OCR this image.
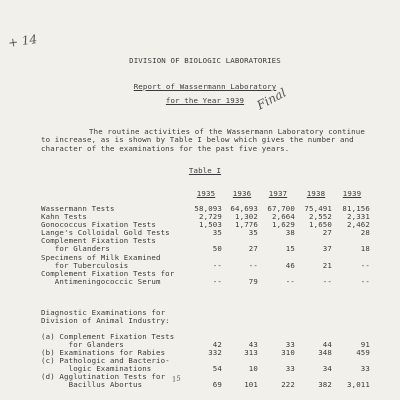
+ 14
DIVISION OF BIOLOGIC LABORATORIES
Report of Wassermann Laboratory
for the Year 1939 Final
The routine activities of the Wassermann Laboratory continue
to increase, as is shown by Table I below which gives the number and
character of the examinations for the past five years.
Table I
1935	1936	1937	1938	1939
Wassermann Tests	58,093	64,693	67,700	75,491	81,156
Kahn Tests	2,729	1,302	2,664	2,552	2,331
Gonococcus Fixation Tests	1,503	1,776	1,629	1,650	2,462
Lange's Colloidal Gold Tests	35	35	38	27	28
Complement Fixation Tests
for Glanders	50	27	15	37	18
Specimens of Milk Examined
for Tuberculosis	--	--	46	21	--
Complement Fixation Tests for
Antimeningococcic Serum	--	79	--	--	--
Diagnostic Examinations for
Division of Animal Industry:
(a) Complement Fixation Tests
for Glanders	42	43	33	44	91
(b) Examinations for Rabies	332	313	310	348	459
(c) Pathologic and Bacterio-
logic Examinations	54	10	33	34	33
(d) Agglutination Tests for
Bacillus Abortus	69	101	222	382	3,011
15
